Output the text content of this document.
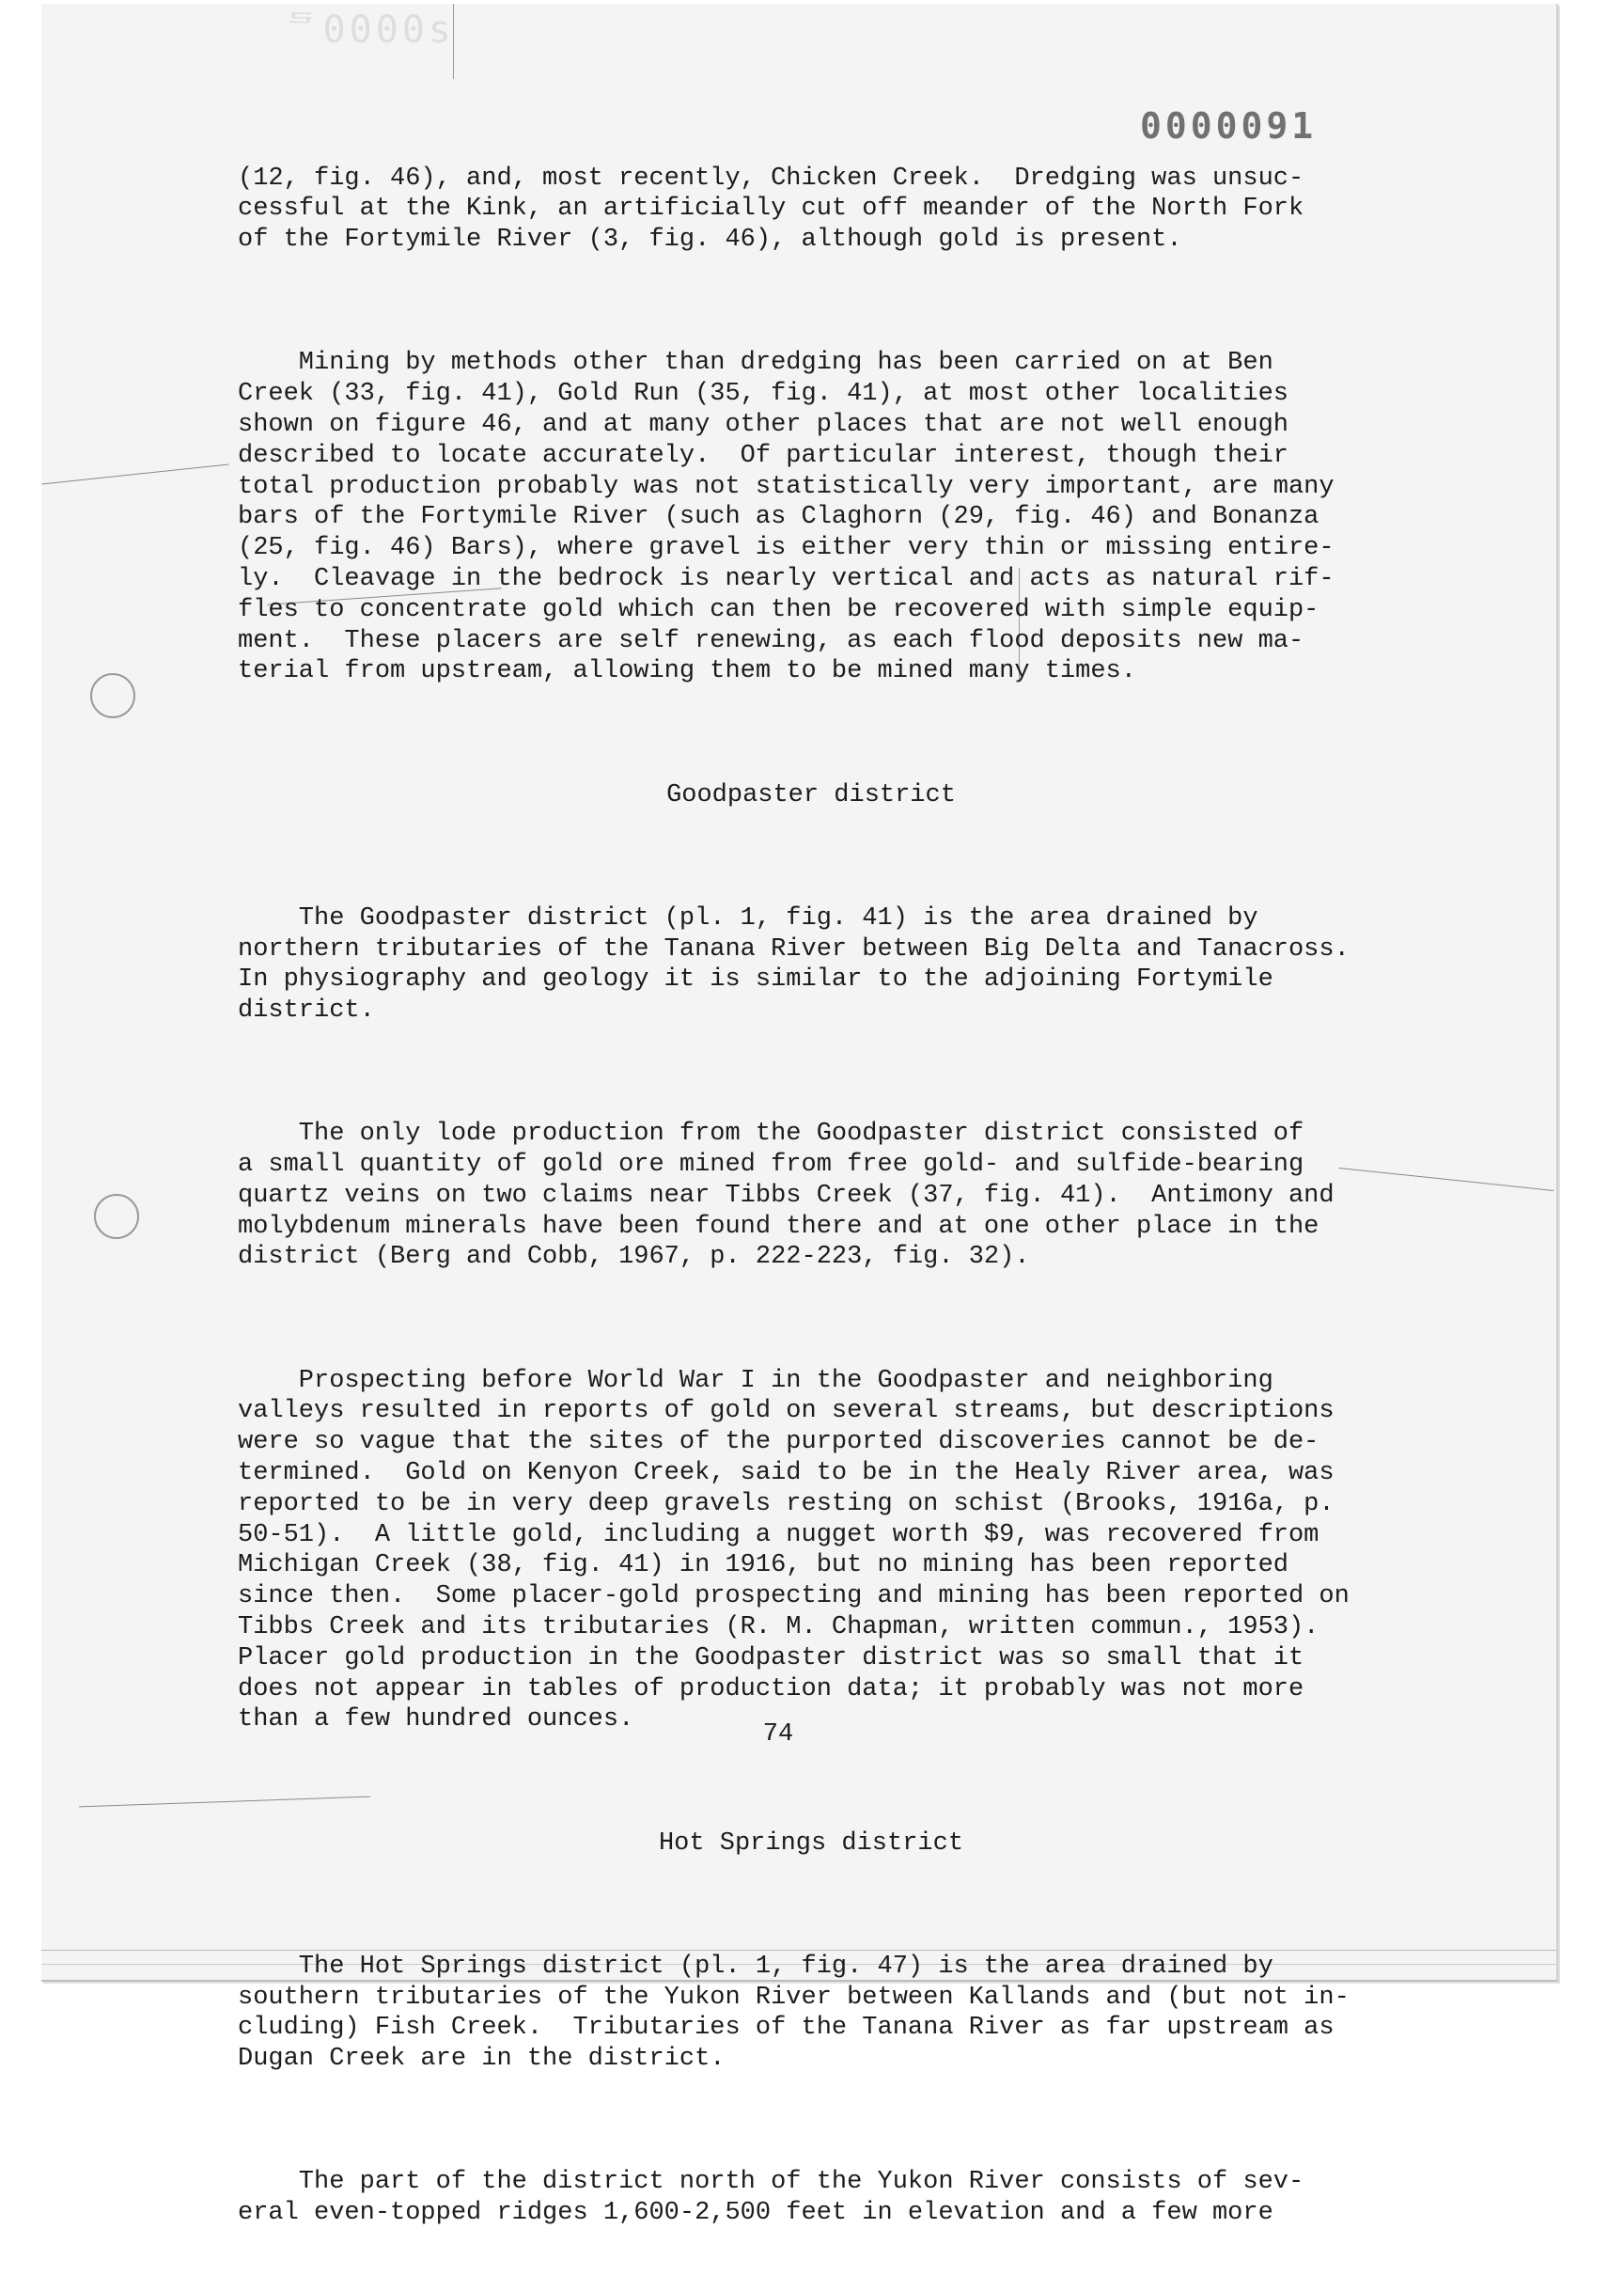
ƨ0000ᄅ
0000091

(12, fig. 46), and, most recently, Chicken Creek.  Dredging was unsuc-
cessful at the Kink, an artificially cut off meander of the North Fork
of the Fortymile River (3, fig. 46), although gold is present.

Mining by methods other than dredging has been carried on at Ben
Creek (33, fig. 41), Gold Run (35, fig. 41), at most other localities
shown on figure 46, and at many other places that are not well enough
described to locate accurately.  Of particular interest, though their
total production probably was not statistically very important, are many
bars of the Fortymile River (such as Claghorn (29, fig. 46) and Bonanza
(25, fig. 46) Bars), where gravel is either very thin or missing entire-
ly.  Cleavage in the bedrock is nearly vertical and acts as natural rif-
fles to concentrate gold which can then be recovered with simple equip-
ment.  These placers are self renewing, as each flood deposits new ma-
terial from upstream, allowing them to be mined many times.

Goodpaster district

The Goodpaster district (pl. 1, fig. 41) is the area drained by
northern tributaries of the Tanana River between Big Delta and Tanacross.
In physiography and geology it is similar to the adjoining Fortymile
district.

The only lode production from the Goodpaster district consisted of
a small quantity of gold ore mined from free gold- and sulfide-bearing
quartz veins on two claims near Tibbs Creek (37, fig. 41).  Antimony and
molybdenum minerals have been found there and at one other place in the
district (Berg and Cobb, 1967, p. 222-223, fig. 32).

Prospecting before World War I in the Goodpaster and neighboring
valleys resulted in reports of gold on several streams, but descriptions
were so vague that the sites of the purported discoveries cannot be de-
termined.  Gold on Kenyon Creek, said to be in the Healy River area, was
reported to be in very deep gravels resting on schist (Brooks, 1916a, p.
50-51).  A little gold, including a nugget worth $9, was recovered from
Michigan Creek (38, fig. 41) in 1916, but no mining has been reported
since then.  Some placer-gold prospecting and mining has been reported on
Tibbs Creek and its tributaries (R. M. Chapman, written commun., 1953).
Placer gold production in the Goodpaster district was so small that it
does not appear in tables of production data; it probably was not more
than a few hundred ounces.

Hot Springs district

The Hot Springs district (pl. 1, fig. 47) is the area drained by
southern tributaries of the Yukon River between Kallands and (but not in-
cluding) Fish Creek.  Tributaries of the Tanana River as far upstream as
Dugan Creek are in the district.

The part of the district north of the Yukon River consists of sev-
eral even-topped ridges 1,600-2,500 feet in elevation and a few more

74
